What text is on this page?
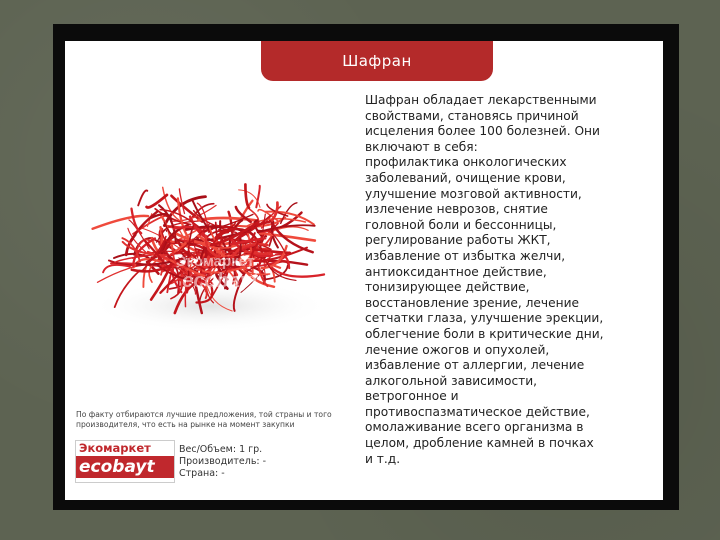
Шафран
Экомаркет
ecobayt
Шафран обладает лекарственными
свойствами, становясь причиной
исцеления более 100 болезней. Они
включают в себя:
профилактика онкологических
заболеваний, очищение крови,
улучшение мозговой активности,
излечение неврозов, снятие
головной боли и бессонницы,
регулирование работы ЖКТ,
избавление от избытка желчи,
антиоксидантное действие,
тонизирующее действие,
восстановление зрение, лечение
сетчатки глаза, улучшение эрекции,
облегчение боли в критические дни,
лечение ожогов и опухолей,
избавление от аллергии, лечение
алкогольной зависимости,
ветрогонное и
противоспазматическое действие,
омолаживание всего организма в
целом, дробление камней в почках
и т.д.
По факту отбираются лучшие предложения, той страны и того производителя, что есть на рынке на момент закупки
Экомаркет
ecobayt
Вес/Объем: 1 гр.
Производитель: -
Страна: -
